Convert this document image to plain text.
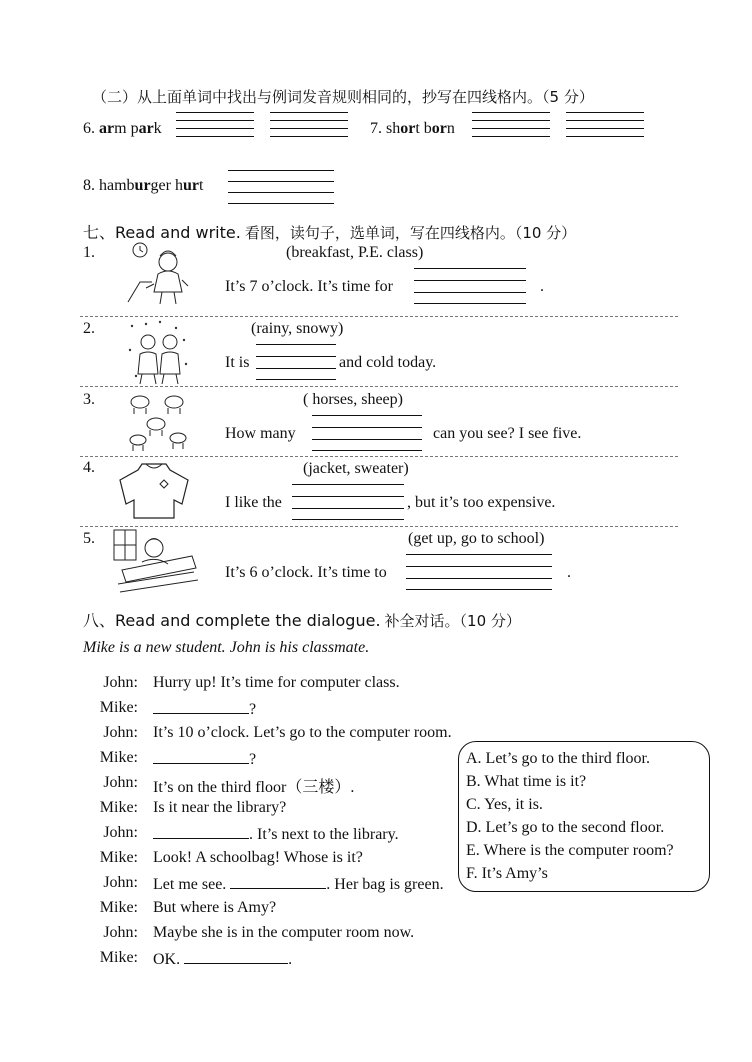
（二）从上面单词中找出与例词发音规则相同的，抄写在四线格内。（5 分）
6. arm park	7. short born
8. hamburger hurt
七、Read and write. 看图，读句子，选单词，写在四线格内。（10 分）
1.	(breakfast, P.E. class)
It’s 7 o’clock. It’s time for	.
2.	(rainy, snowy)
It is	and cold today.
3.	( horses, sheep)
How many	can you see? I see five.
4.	(jacket, sweater)
I like the	, but it’s too expensive.
5.	(get up, go to school)
It’s 6 o’clock. It’s time to	.
八、Read and complete the dialogue. 补全对话。（10 分）
Mike is a new student. John is his classmate.
John: Hurry up! It’s time for computer class.
Mike:	?
John: It’s 10 o’clock. Let’s go to the computer room.
Mike:	?
John: It’s on the third floor（三楼）.
Mike: Is it near the library?
John:	. It’s next to the library.
Mike: Look! A schoolbag! Whose is it?
John: Let me see.	. Her bag is green.
Mike: But where is Amy?
John: Maybe she is in the computer room now.
Mike: OK.	.
A. Let’s go to the third floor.
B. What time is it?
C. Yes, it is.
D. Let’s go to the second floor.
E. Where is the computer room?
F. It’s Amy’s
